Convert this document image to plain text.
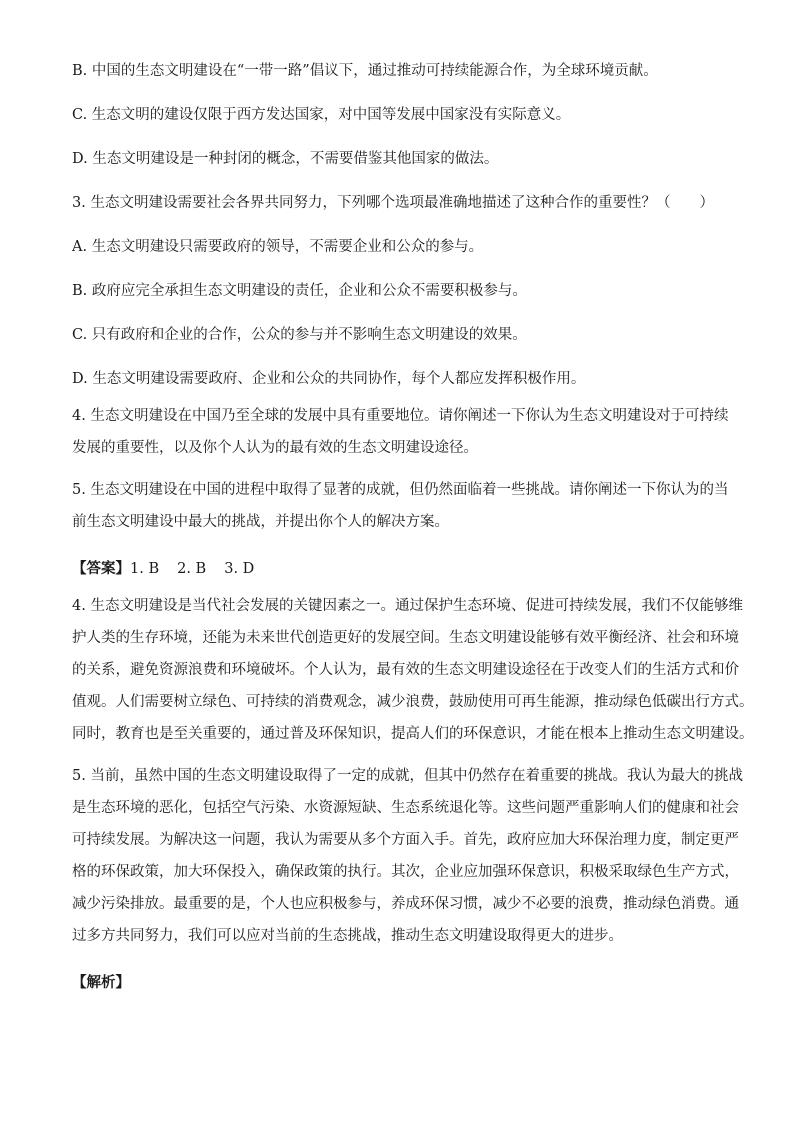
B. 中国的生态文明建设在“一带一路”倡议下，通过推动可持续能源合作，为全球环境贡献。

C. 生态文明的建设仅限于西方发达国家，对中国等发展中国家没有实际意义。

D. 生态文明建设是一种封闭的概念，不需要借鉴其他国家的做法。

3. 生态文明建设需要社会各界共同努力，下列哪个选项最准确地描述了这种合作的重要性？（　　）

A. 生态文明建设只需要政府的领导，不需要企业和公众的参与。

B. 政府应完全承担生态文明建设的责任，企业和公众不需要积极参与。

C. 只有政府和企业的合作，公众的参与并不影响生态文明建设的效果。

D. 生态文明建设需要政府、企业和公众的共同协作，每个人都应发挥积极作用。

4. 生态文明建设在中国乃至全球的发展中具有重要地位。请你阐述一下你认为生态文明建设对于可持续

发展的重要性，以及你个人认为的最有效的生态文明建设途径。

5. 生态文明建设在中国的进程中取得了显著的成就，但仍然面临着一些挑战。请你阐述一下你认为的当

前生态文明建设中最大的挑战，并提出你个人的解决方案。

【答案】1. B 2. B 3. D

4. 生态文明建设是当代社会发展的关键因素之一。通过保护生态环境、促进可持续发展，我们不仅能够维

护人类的生存环境，还能为未来世代创造更好的发展空间。生态文明建设能够有效平衡经济、社会和环境

的关系，避免资源浪费和环境破坏。个人认为，最有效的生态文明建设途径在于改变人们的生活方式和价

值观。人们需要树立绿色、可持续的消费观念，减少浪费，鼓励使用可再生能源，推动绿色低碳出行方式。

同时，教育也是至关重要的，通过普及环保知识，提高人们的环保意识，才能在根本上推动生态文明建设。

5. 当前，虽然中国的生态文明建设取得了一定的成就，但其中仍然存在着重要的挑战。我认为最大的挑战

是生态环境的恶化，包括空气污染、水资源短缺、生态系统退化等。这些问题严重影响人们的健康和社会

可持续发展。为解决这一问题，我认为需要从多个方面入手。首先，政府应加大环保治理力度，制定更严

格的环保政策，加大环保投入，确保政策的执行。其次，企业应加强环保意识，积极采取绿色生产方式，

减少污染排放。最重要的是，个人也应积极参与，养成环保习惯，减少不必要的浪费，推动绿色消费。通

过多方共同努力，我们可以应对当前的生态挑战，推动生态文明建设取得更大的进步。

【解析】
